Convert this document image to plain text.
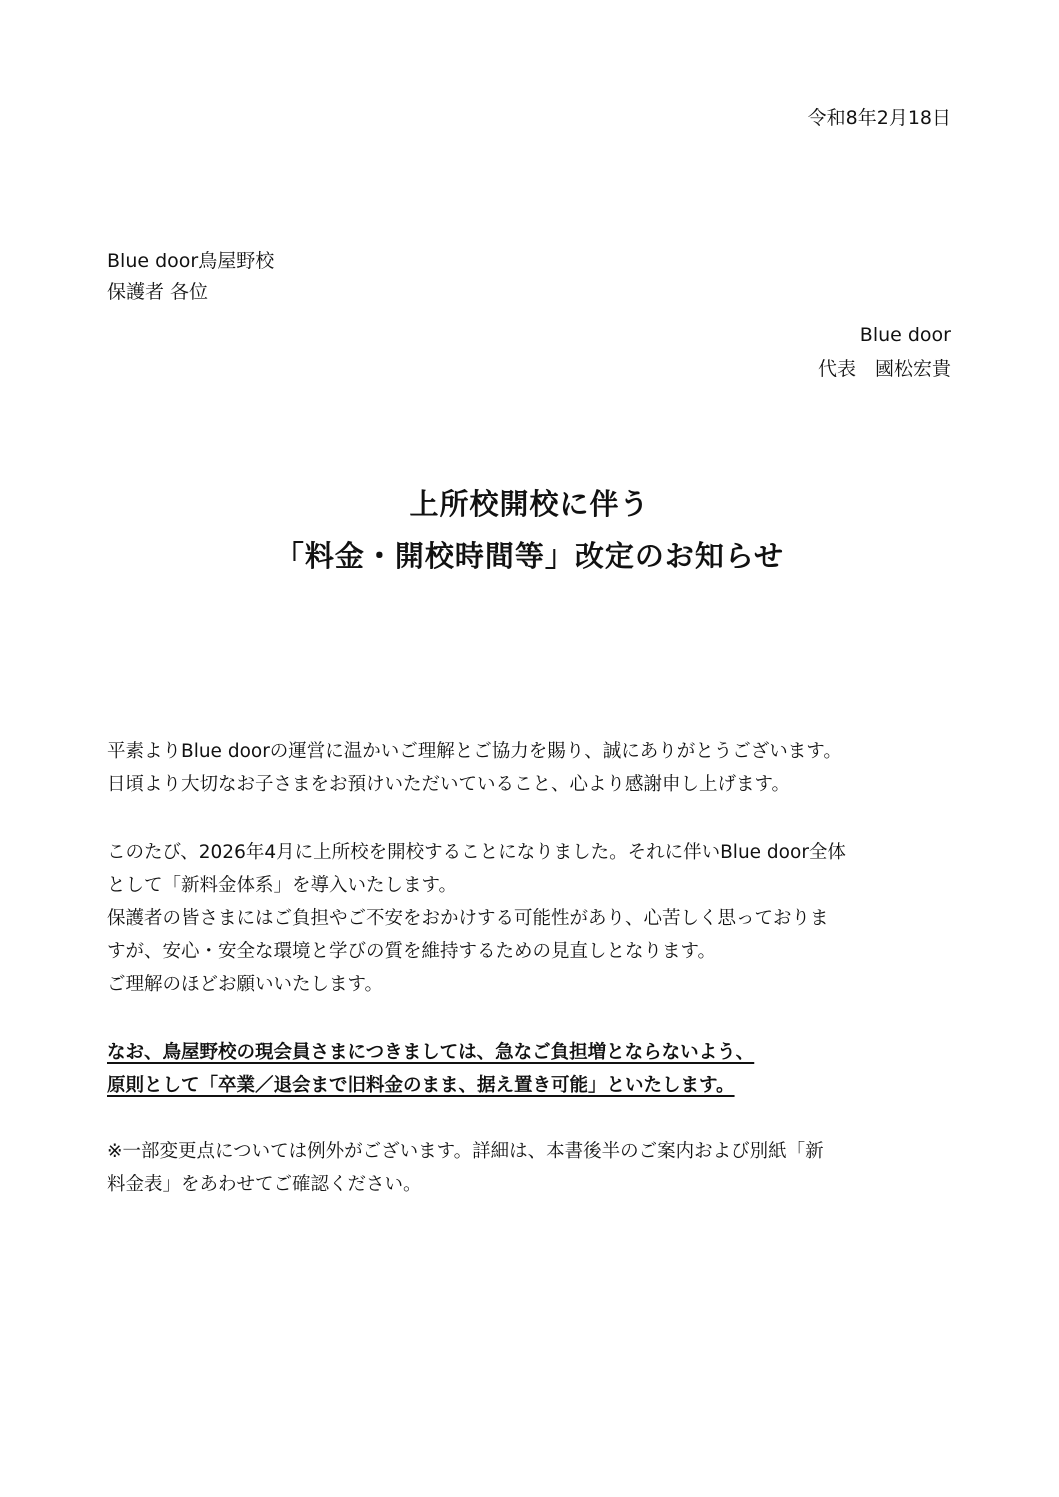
令和8年2月18日
Blue door鳥屋野校
保護者 各位
Blue door
代表　國松宏貴
上所校開校に伴う
「料金・開校時間等」改定のお知らせ
平素よりBlue doorの運営に温かいご理解とご協力を賜り、誠にありがとうございます。
日頃より大切なお子さまをお預けいただいていること、心より感謝申し上げます。
このたび、2026年4月に上所校を開校することになりました。それに伴いBlue door全体
として「新料金体系」を導入いたします。
保護者の皆さまにはご負担やご不安をおかけする可能性があり、心苦しく思っておりま
すが、安心・安全な環境と学びの質を維持するための見直しとなります。
ご理解のほどお願いいたします。
なお、鳥屋野校の現会員さまにつきましては、急なご負担増とならないよう、
原則として「卒業／退会まで旧料金のまま、据え置き可能」といたします。
※一部変更点については例外がございます。詳細は、本書後半のご案内および別紙「新
料金表」をあわせてご確認ください。
